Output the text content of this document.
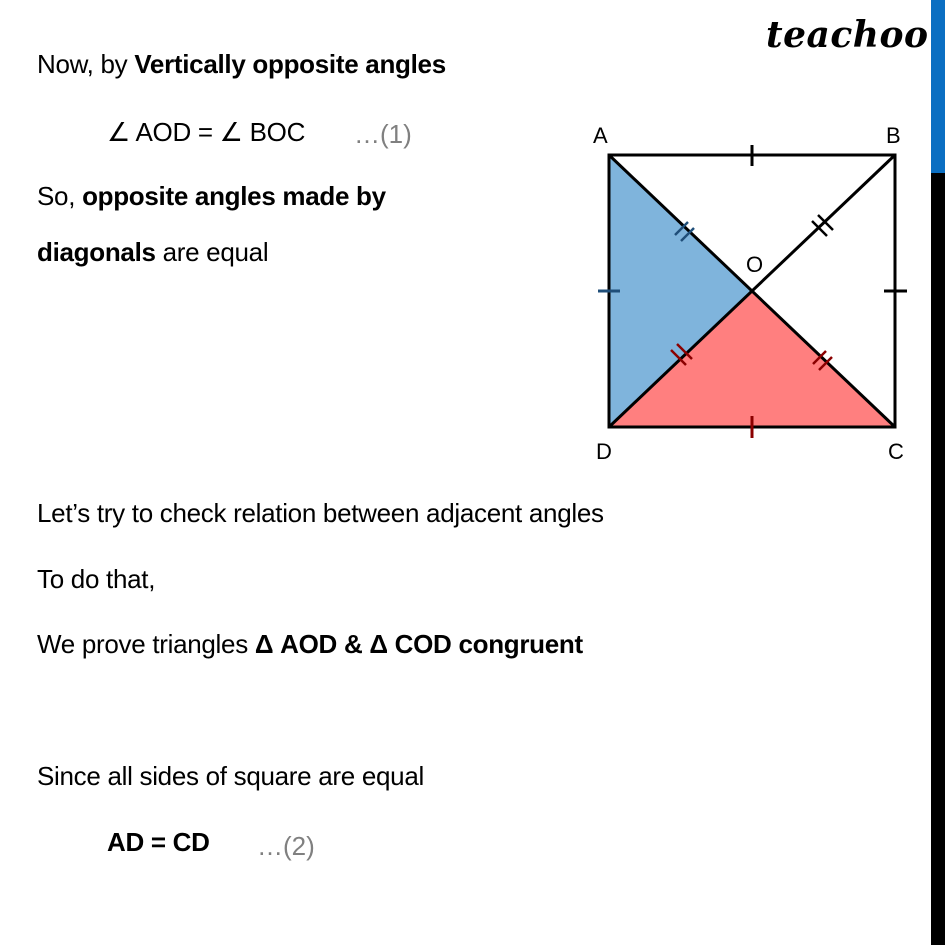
teachoo
Now, by Vertically opposite angles
∠ AOD = ∠ BOC …(1)
So, opposite angles made by
diagonals are equal
Let’s try to check relation between adjacent angles
To do that,
We prove triangles Δ AOD & Δ COD congruent
Since all sides of square are equal
AD = CD …(2)
A	B
C
D
O
